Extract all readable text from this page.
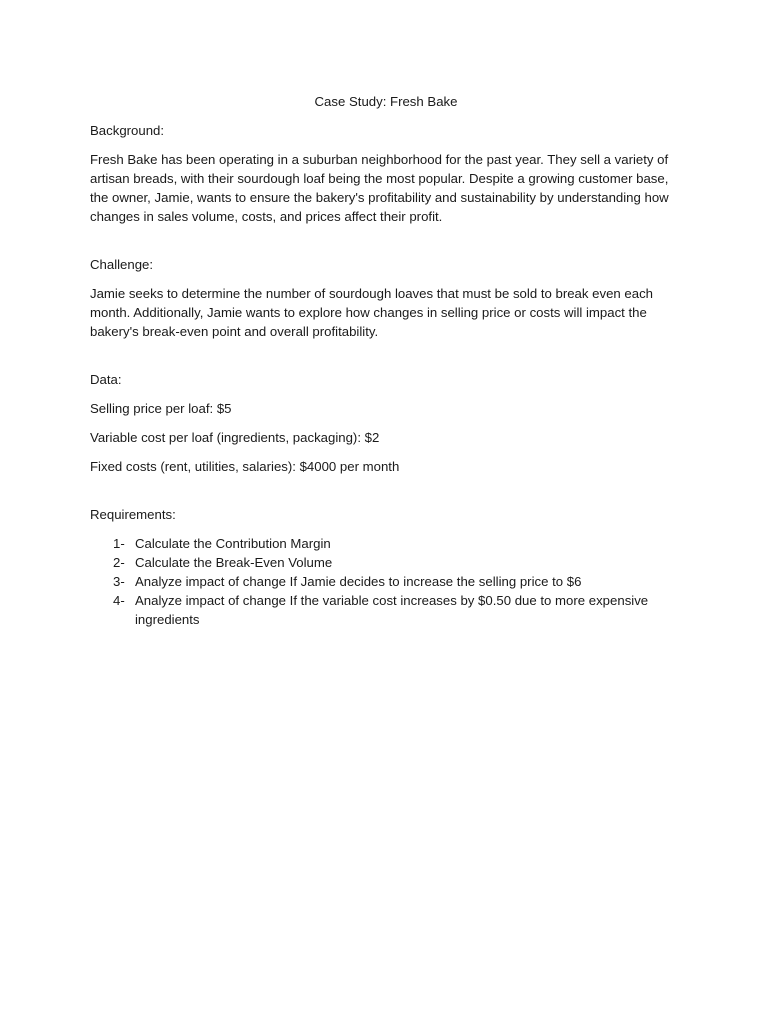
Case Study: Fresh Bake
Background:
Fresh Bake has been operating in a suburban neighborhood for the past year. They sell a variety of artisan breads, with their sourdough loaf being the most popular. Despite a growing customer base, the owner, Jamie, wants to ensure the bakery's profitability and sustainability by understanding how changes in sales volume, costs, and prices affect their profit.
Challenge:
Jamie seeks to determine the number of sourdough loaves that must be sold to break even each month. Additionally, Jamie wants to explore how changes in selling price or costs will impact the bakery's break-even point and overall profitability.
Data:
Selling price per loaf: $5
Variable cost per loaf (ingredients, packaging): $2
Fixed costs (rent, utilities, salaries): $4000 per month
Requirements:
1- Calculate the Contribution Margin
2- Calculate the Break-Even Volume
3- Analyze impact of change If Jamie decides to increase the selling price to $6
4- Analyze impact of change If the variable cost increases by $0.50 due to more expensive ingredients
